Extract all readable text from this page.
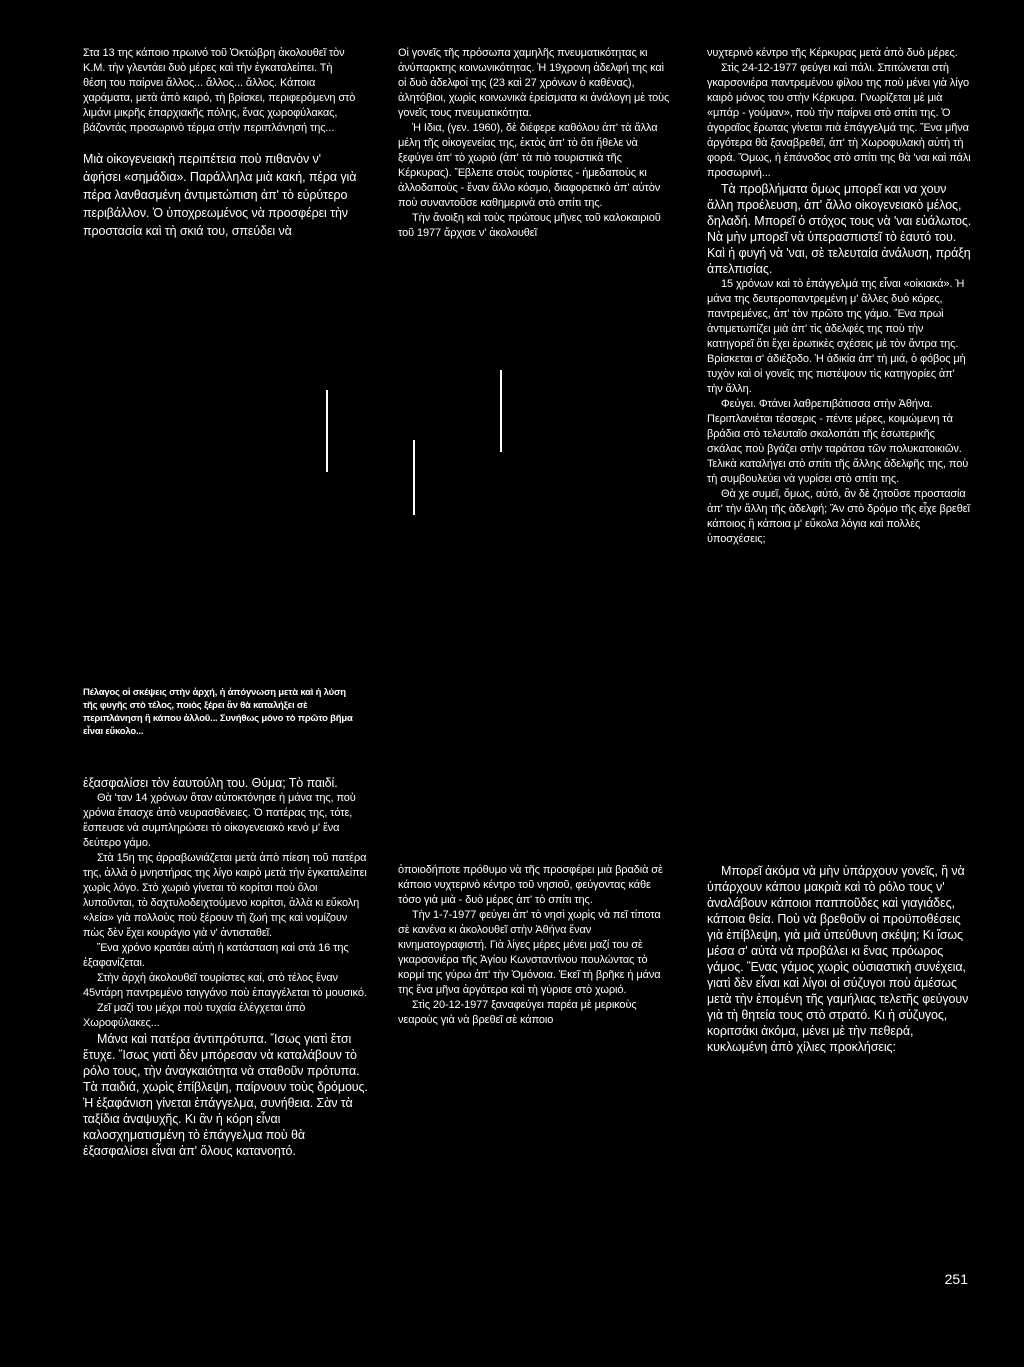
Στα 13 της κάποιο πρωινό τοῦ Ὀκτώβρη ἀκολουθεῖ τὸν Κ.Μ. τὴν γλεντάει δυὸ μέρες καὶ τὴν ἐγκαταλείπει. Τὴ θέση του παίρνει ἄλλος... ἄλλος... ἄλλος. Κάποια χαράματα, μετὰ ἀπὸ καιρό, τὴ βρίσκει, περιφερόμενη στὸ λιμάνι μικρῆς ἐπαρχιακῆς πόλης, ἕνας χωροφύλακας, βάζοντάς προσωρινὸ τέρμα στὴν περιπλάνησή της...

Μιὰ οἰκογενειακὴ περιπέτεια ποὺ πιθανὸν ν' ἀφήσει «σημάδια». Παράλληλα μιὰ κακή, πέρα γιὰ πέρα λανθασμένη ἀντιμετώπιση ἀπ' τὸ εὐρύτερο περιβάλλον. Ὁ ὑποχρεωμένος νὰ προσφέρει τὴν προστασία καὶ τὴ σκιά του, σπεύδει νὰ

Οἱ γονεῖς τῆς πρόσωπα χαμηλῆς πνευματικότητας κι ἀνύπαρκτης κοινωνικότητας. Ἡ 19χρονη ἀδελφή της καὶ οἱ δυὸ ἀδελφοί της (23 καὶ 27 χρόνων ὁ καθένας), ἀλητόβιοι, χωρὶς κοινωνικὰ ἐρείσματα κι ἀνάλογη μὲ τοὺς γονεῖς τους πνευματικότητα.

Ἡ Ιδια, (γεν. 1960), δὲ διέφερε καθόλου ἀπ' τὰ ἄλλα μέλη τῆς οἰκογενείας της, ἐκτὸς ἀπ' τὸ ὅτι ἤθελε νὰ ξεφύγει ἀπ' τὸ χωριὸ (ἀπ' τὰ πιὸ τουριστικὰ τῆς Κέρκυρας). Ἔβλεπε στοὺς τουρίστες - ἡμεδαποὺς κι ἀλλοδαποὺς - ἕναν ἄλλο κόσμο, διαφορετικὸ ἀπ' αὐτὸν ποὺ συναντοῦσε καθημερινὰ στὸ σπίτι της.

Τὴν ἄνοιξη καὶ τοὺς πρώτους μῆνες τοῦ καλοκαιριοῦ τοῦ 1977 ἄρχισε ν' ἀκολουθεῖ

νυχτερινὸ κέντρο τῆς Κέρκυρας μετὰ ἀπὸ δυὸ μέρες.

Στὶς 24-12-1977 φεύγει καὶ πάλι. Σπιτώνεται στὴ γκαρσονιέρα παντρεμένου φίλου της ποὺ μένει γιὰ λίγο καιρὸ μόνος του στὴν Κέρκυρα. Γνωρίζεται μὲ μιὰ «μπάρ - γούμαν», ποὺ τὴν παίρνει στὸ σπίτι της. Ὁ ἀγοραῖος ἔρωτας γίνεται πιὰ ἐπάγγελμά της. Ἕνα μῆνα ἀργότερα θὰ ξαναβρεθεῖ, ἀπ' τὴ Χωροφυλακὴ αὐτὴ τὴ φορά. Ὅμως, ἡ ἐπάνοδος στὸ σπίτι της θὰ 'ναι καὶ πάλι προσωρινή...

Τὰ προβλήματα ὅμως μπορεῖ και να χουν ἄλλη προέλευση, ἀπ' ἄλλο οἰκογενειακὸ μέλος, δηλαδή. Μπορεῖ ὁ στόχος τους νὰ 'ναι εὐάλωτος. Νὰ μὴν μπορεῖ νὰ ὑπερασπιστεῖ τὸ ἑαυτό του. Καὶ ἡ φυγή νὰ 'ναι, σὲ τελευταία ἀνάλυση, πράξη ἀπελπισίας.

15 χρόνων καὶ τὸ ἐπάγγελμά της εἶναι «οἰκιακά». Ἡ μάνα της δευτεροπαντρεμένη μ' ἄλλες δυὸ κόρες, παντρεμένες, ἀπ' τὸν πρῶτο της γάμο. Ἕνα πρωὶ ἀντιμετωπίζει μιὰ ἀπ' τὶς ἀδελφές της ποὺ τὴν κατηγορεῖ ὅτι ἔχει ἐρωτικὲς σχέσεις μὲ τὸν ἄντρα της. Βρίσκεται σ' ἀδιέξοδο. Ἡ ἀδικία ἀπ' τὴ μιά, ὁ φόβος μὴ τυχὸν καὶ οἱ γονεῖς της πιστέψουν τὶς κατηγορίες ἀπ' τὴν ἄλλη.

Φεύγει. Φτάνει λαθρεπιβάτισσα στὴν Ἀθήνα. Περιπλανιέται τέσσερις - πέντε μέρες, κοιμώμενη τὰ βράδια στὸ τελευταῖο σκαλοπάτι τῆς ἐσωτερικῆς σκάλας ποὺ βγάζει στὴν ταράτσα τῶν πολυκατοικιῶν. Τελικὰ καταλήγει στὸ σπίτι τῆς ἄλλης ἀδελφῆς της, ποὺ τὴ συμβουλεύει νὰ γυρίσει στὸ σπίτι της.

Θὰ χε συμεῖ, ὅμως, αὐτό, ἂν δὲ ζητοῦσε προστασία ἀπ' τὴν ἄλλη τῆς ἀδελφή; Ἂν στὸ δρόμο τῆς εἶχε βρεθεῖ κάποιος ἢ κάποια μ' εὔκολα λόγια καὶ πολλὲς ὑποσχέσεις;

Πέλαγος οἱ σκέψεις στὴν ἀρχή, ἡ ἀπόγνωση μετὰ καὶ ἡ λύση τῆς φυγῆς στὸ τέλος, ποιὸς ξέρει ἂν θὰ καταλήξει σὲ περιπλάνηση ἢ κάπου ἀλλοῦ... Συνήθως μόνο τὸ πρῶτο βῆμα εἶναι εὔκολο...

ἐξασφαλίσει τὸν ἑαυτούλη του. Θύμα; Τὸ παιδί.

Θὰ 'ταν 14 χρόνων ὅταν αὐτοκτόνησε ἡ μάνα της, ποὺ χρόνια ἔπασχε ἀπὸ νευρασθένειες. Ὁ πατέρας της, τότε, ἔσπευσε νὰ συμπληρώσει τὸ οἰκογενειακὸ κενὸ μ' ἕνα δεύτερο γάμο.

Στὰ 15η της ἀρραβωνιάζεται μετὰ ἀπὸ πίεση τοῦ πατέρα της, ἀλλὰ ὁ μνηστήρας της λίγο καιρὸ μετὰ τὴν ἐγκαταλείπει χωρὶς λόγο. Στὸ χωριὸ γίνεται τὸ κορίτσι ποὺ ὅλοι λυποῦνται, τὸ δαχτυλοδειχτούμενο κορίτσι, ἀλλὰ κι εὔκολη «λεία» γιὰ πολλοὺς ποὺ ξέρουν τὴ ζωή της καὶ νομίζουν πὼς δὲν ἔχει κουράγιο γιὰ ν' ἀντισταθεῖ.

Ἕνα χρόνο κρατάει αὐτὴ ἡ κατάσταση καὶ στὰ 16 της ἐξαφανίζεται.

Στὴν ἀρχὴ ἀκολουθεῖ τουρίστες καί, στὸ τέλος ἕναν 45ντάρη παντρεμένο τσιγγάνο ποὺ ἐπαγγέλεται τὸ μουσικό.

Ζεῖ μαζί του μέχρι ποὺ τυχαία ἐλέγχεται ἀπὸ Χωροφύλακες...

Μάνα καὶ πατέρα ἀντιπρότυπα. Ἴσως γιατὶ ἔτσι ἔτυχε. Ἴσως γιατὶ δὲν μπόρεσαν νὰ καταλάβουν τὸ ρόλο τους, τὴν ἀναγκαιότητα νὰ σταθοῦν πρότυπα. Τὰ παιδιά, χωρὶς ἐπίβλεψη, παίρνουν τοὺς δρόμους. Ἡ ἐξαφάνιση γίνεται ἐπάγγελμα, συνήθεια. Σὰν τὰ ταξίδια ἀναψυχῆς. Κι ἂν ἡ κόρη εἶναι καλοσχηματισμένη τὸ ἐπάγγελμα ποὺ θὰ ἐξασφαλίσει εἶναι ἀπ' ὅλους κατανοητό.

ὁποιοδήποτε πρόθυμο νὰ τῆς προσφέρει μιὰ βραδιὰ σὲ κάποιο νυχτερινὸ κέντρο τοῦ νησιοῦ, φεύγοντας κάθε τόσο γιὰ μιὰ - δυὸ μέρες ἀπ' τὸ σπίτι της.

Τὴν 1-7-1977 φεύγει ἀπ' τὸ νησὶ χωρὶς νὰ πεῖ τίποτα σὲ κανένα κι ἀκολουθεῖ στὴν Ἀθήνα ἕναν κινηματογραφιστή. Γιὰ λίγες μέρες μένει μαζί του σὲ γκαρσονιέρα τῆς Ἁγίου Κωνσταντίνου πουλώντας τὸ κορμί της γύρω ἀπ' τὴν Ὁμόνοια. Ἐκεῖ τὴ βρῆκε ἡ μάνα της ἕνα μῆνα ἀργότερα καὶ τὴ γύρισε στὸ χωριό.

Στὶς 20-12-1977 ξαναφεύγει παρέα μὲ μερικοὺς νεαροὺς γιὰ νὰ βρεθεῖ σὲ κάποιο

Μπορεῖ ἀκόμα νὰ μὴν ὑπάρχουν γονεῖς, ἢ νὰ ὑπάρχουν κάπου μακριὰ καὶ τὸ ρόλο τους ν' ἀναλάβουν κάποιοι παπποῦδες καὶ γιαγιάδες, κάποια θεία. Ποὺ νὰ βρεθοῦν οἱ προϋποθέσεις γιὰ ἐπίβλεψη, γιὰ μιὰ ὑπεύθυνη σκέψη; Κι ἴσως μέσα σ' αὐτὰ νὰ προβάλει κι ἕνας πρόωρος γάμος. Ἕνας γάμος χωρὶς οὐσιαστικὴ συνέχεια, γιατὶ δὲν εἶναι καὶ λίγοι οἱ σύζυγοι ποὺ ἀμέσως μετὰ τὴν ἐπομένη τῆς γαμήλιας τελετῆς φεύγουν γιὰ τὴ θητεία τους στὸ στρατό. Κι ἡ σύζυγος, κοριτσάκι ἀκόμα, μένει μὲ τὴν πεθερά, κυκλωμένη ἀπὸ χίλιες προκλήσεις:

251
